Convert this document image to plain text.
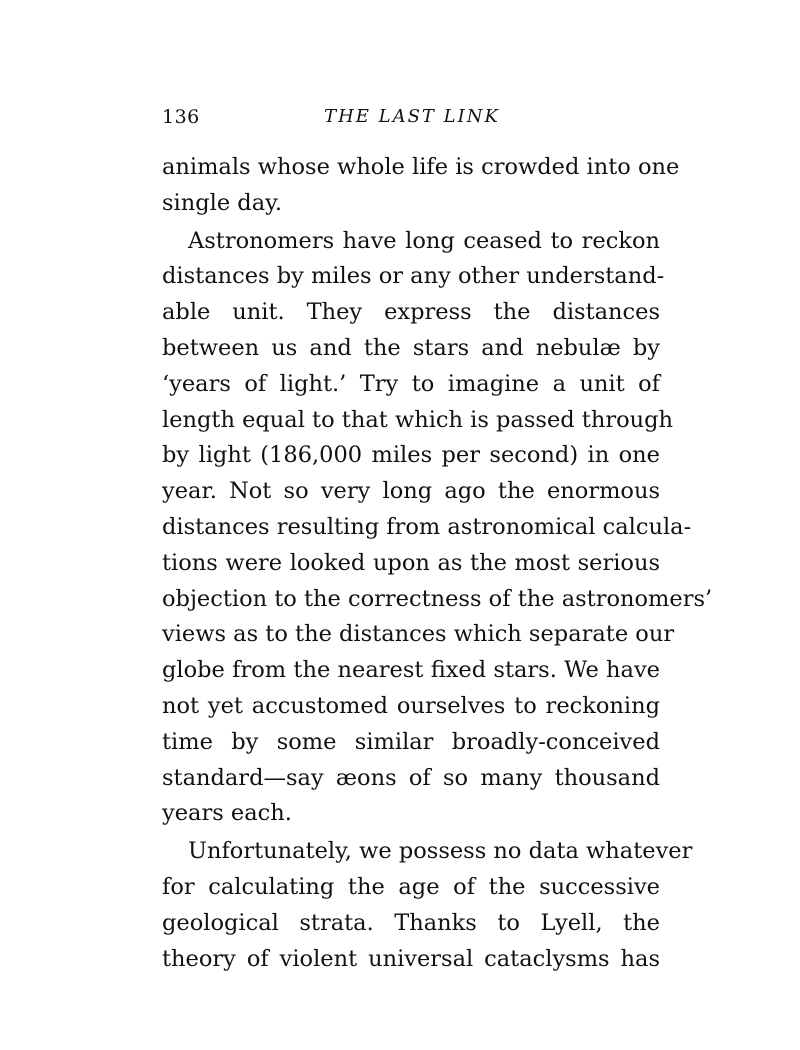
136	THE LAST LINK

animals whose whole life is crowded into one
single day.

Astronomers have long ceased to reckon
distances by miles or any other understand-
able unit. They express the distances
between us and the stars and nebulæ by
‘years of light.’ Try to imagine a unit of
length equal to that which is passed through
by light (186,000 miles per second) in one
year. Not so very long ago the enormous
distances resulting from astronomical calcula-
tions were looked upon as the most serious
objection to the correctness of the astronomers’
views as to the distances which separate our
globe from the nearest fixed stars. We have
not yet accustomed ourselves to reckoning
time by some similar broadly-conceived
standard—say æons of so many thousand
years each.

Unfortunately, we possess no data whatever
for calculating the age of the successive
geological strata. Thanks to Lyell, the
theory of violent universal cataclysms has
